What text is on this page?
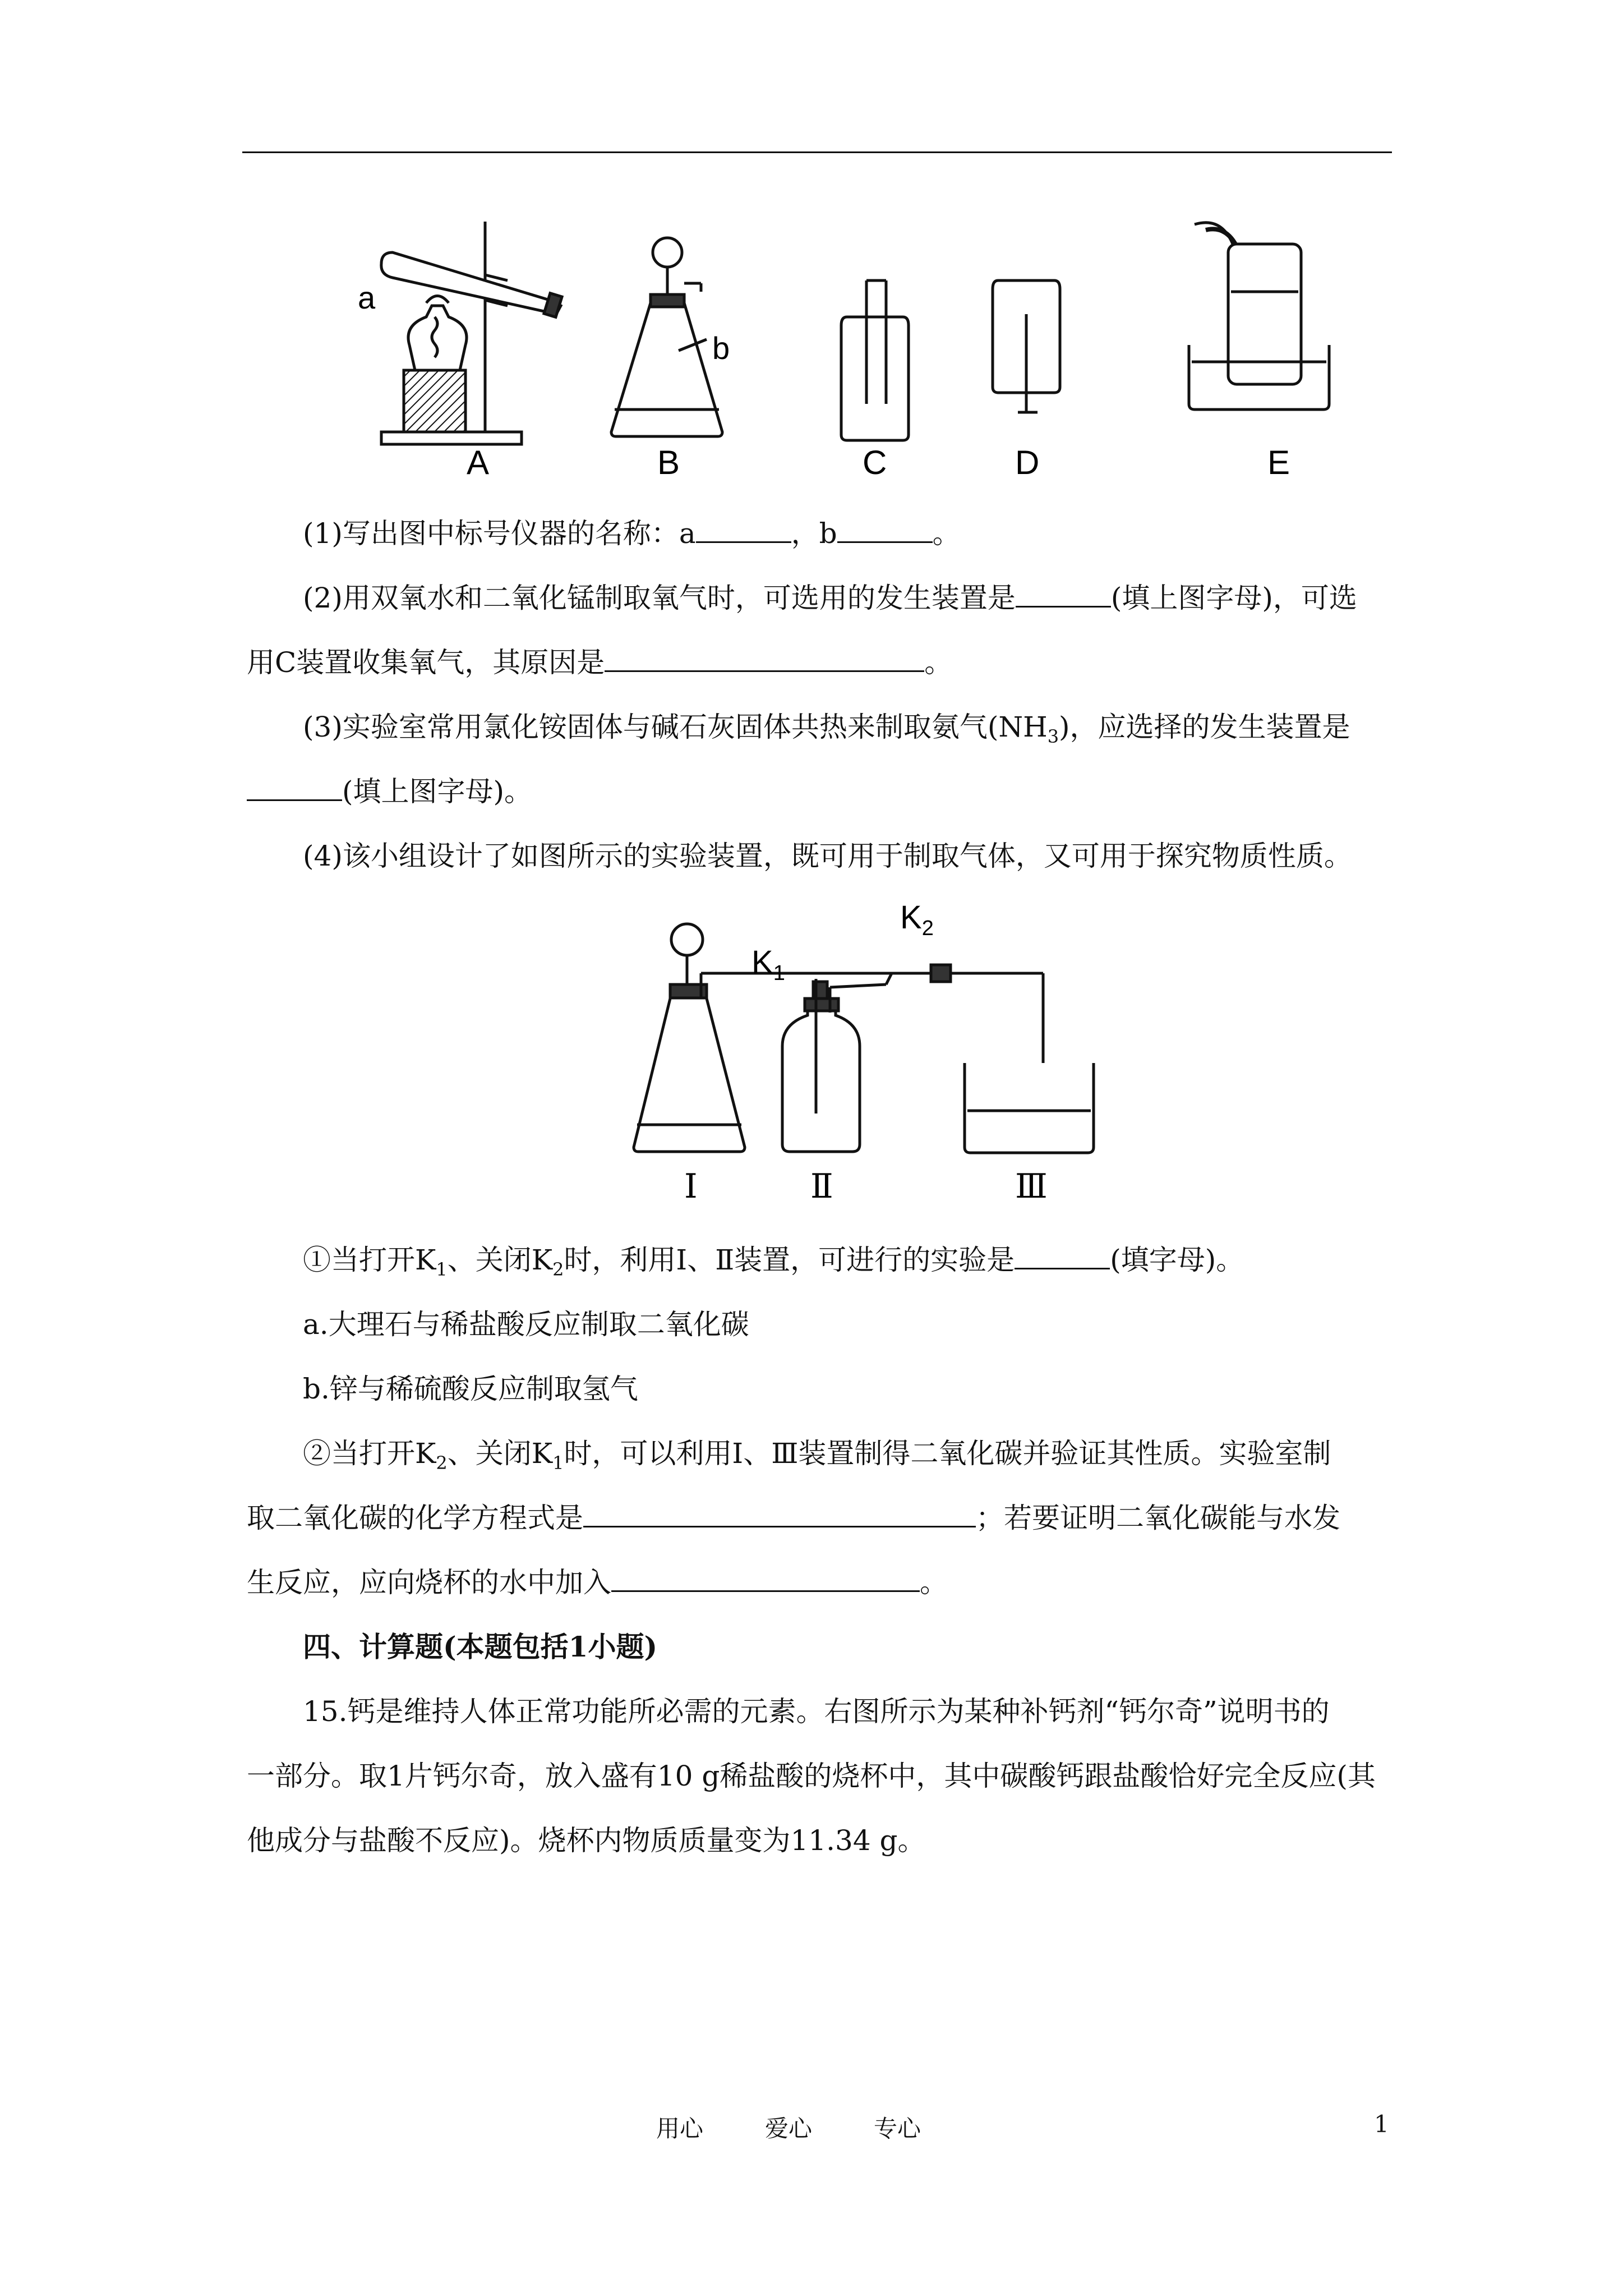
a
b
A	B	C	D	E

(1)写出图中标号仪器的名称：a	，b	。

(2)用双氧水和二氧化锰制取氧气时，可选用的发生装置是	(填上图字母)，可选

用C装置收集氧气，其原因是	。

(3)实验室常用氯化铵固体与碱石灰固体共热来制取氨气$(NH_3)$，应选择的发生装置是

(填上图字母)。

(4)该小组设计了如图所示的实验装置，既可用于制取气体，又可用于探究物质性质。

$K_1$
$K_2$
Ⅰ	Ⅱ	Ⅲ

①当打开$K_1$、关闭$K_2$时，利用Ⅰ、Ⅱ装置，可进行的实验是	(填字母)。

a.大理石与稀盐酸反应制取二氧化碳

b.锌与稀硫酸反应制取氢气

②当打开$K_2$、关闭$K_1$时，可以利用Ⅰ、Ⅲ装置制得二氧化碳并验证其性质。实验室制

取二氧化碳的化学方程式是	；若要证明二氧化碳能与水发

生反应，应向烧杯的水中加入	。

四、计算题(本题包括1小题)

15.钙是维持人体正常功能所必需的元素。右图所示为某种补钙剂“钙尔奇”说明书的

一部分。取1片钙尔奇，放入盛有10 g稀盐酸的烧杯中，其中碳酸钙跟盐酸恰好完全反应(其

他成分与盐酸不反应)。烧杯内物质质量变为11.34 g。

用心	爱心	专心	1
